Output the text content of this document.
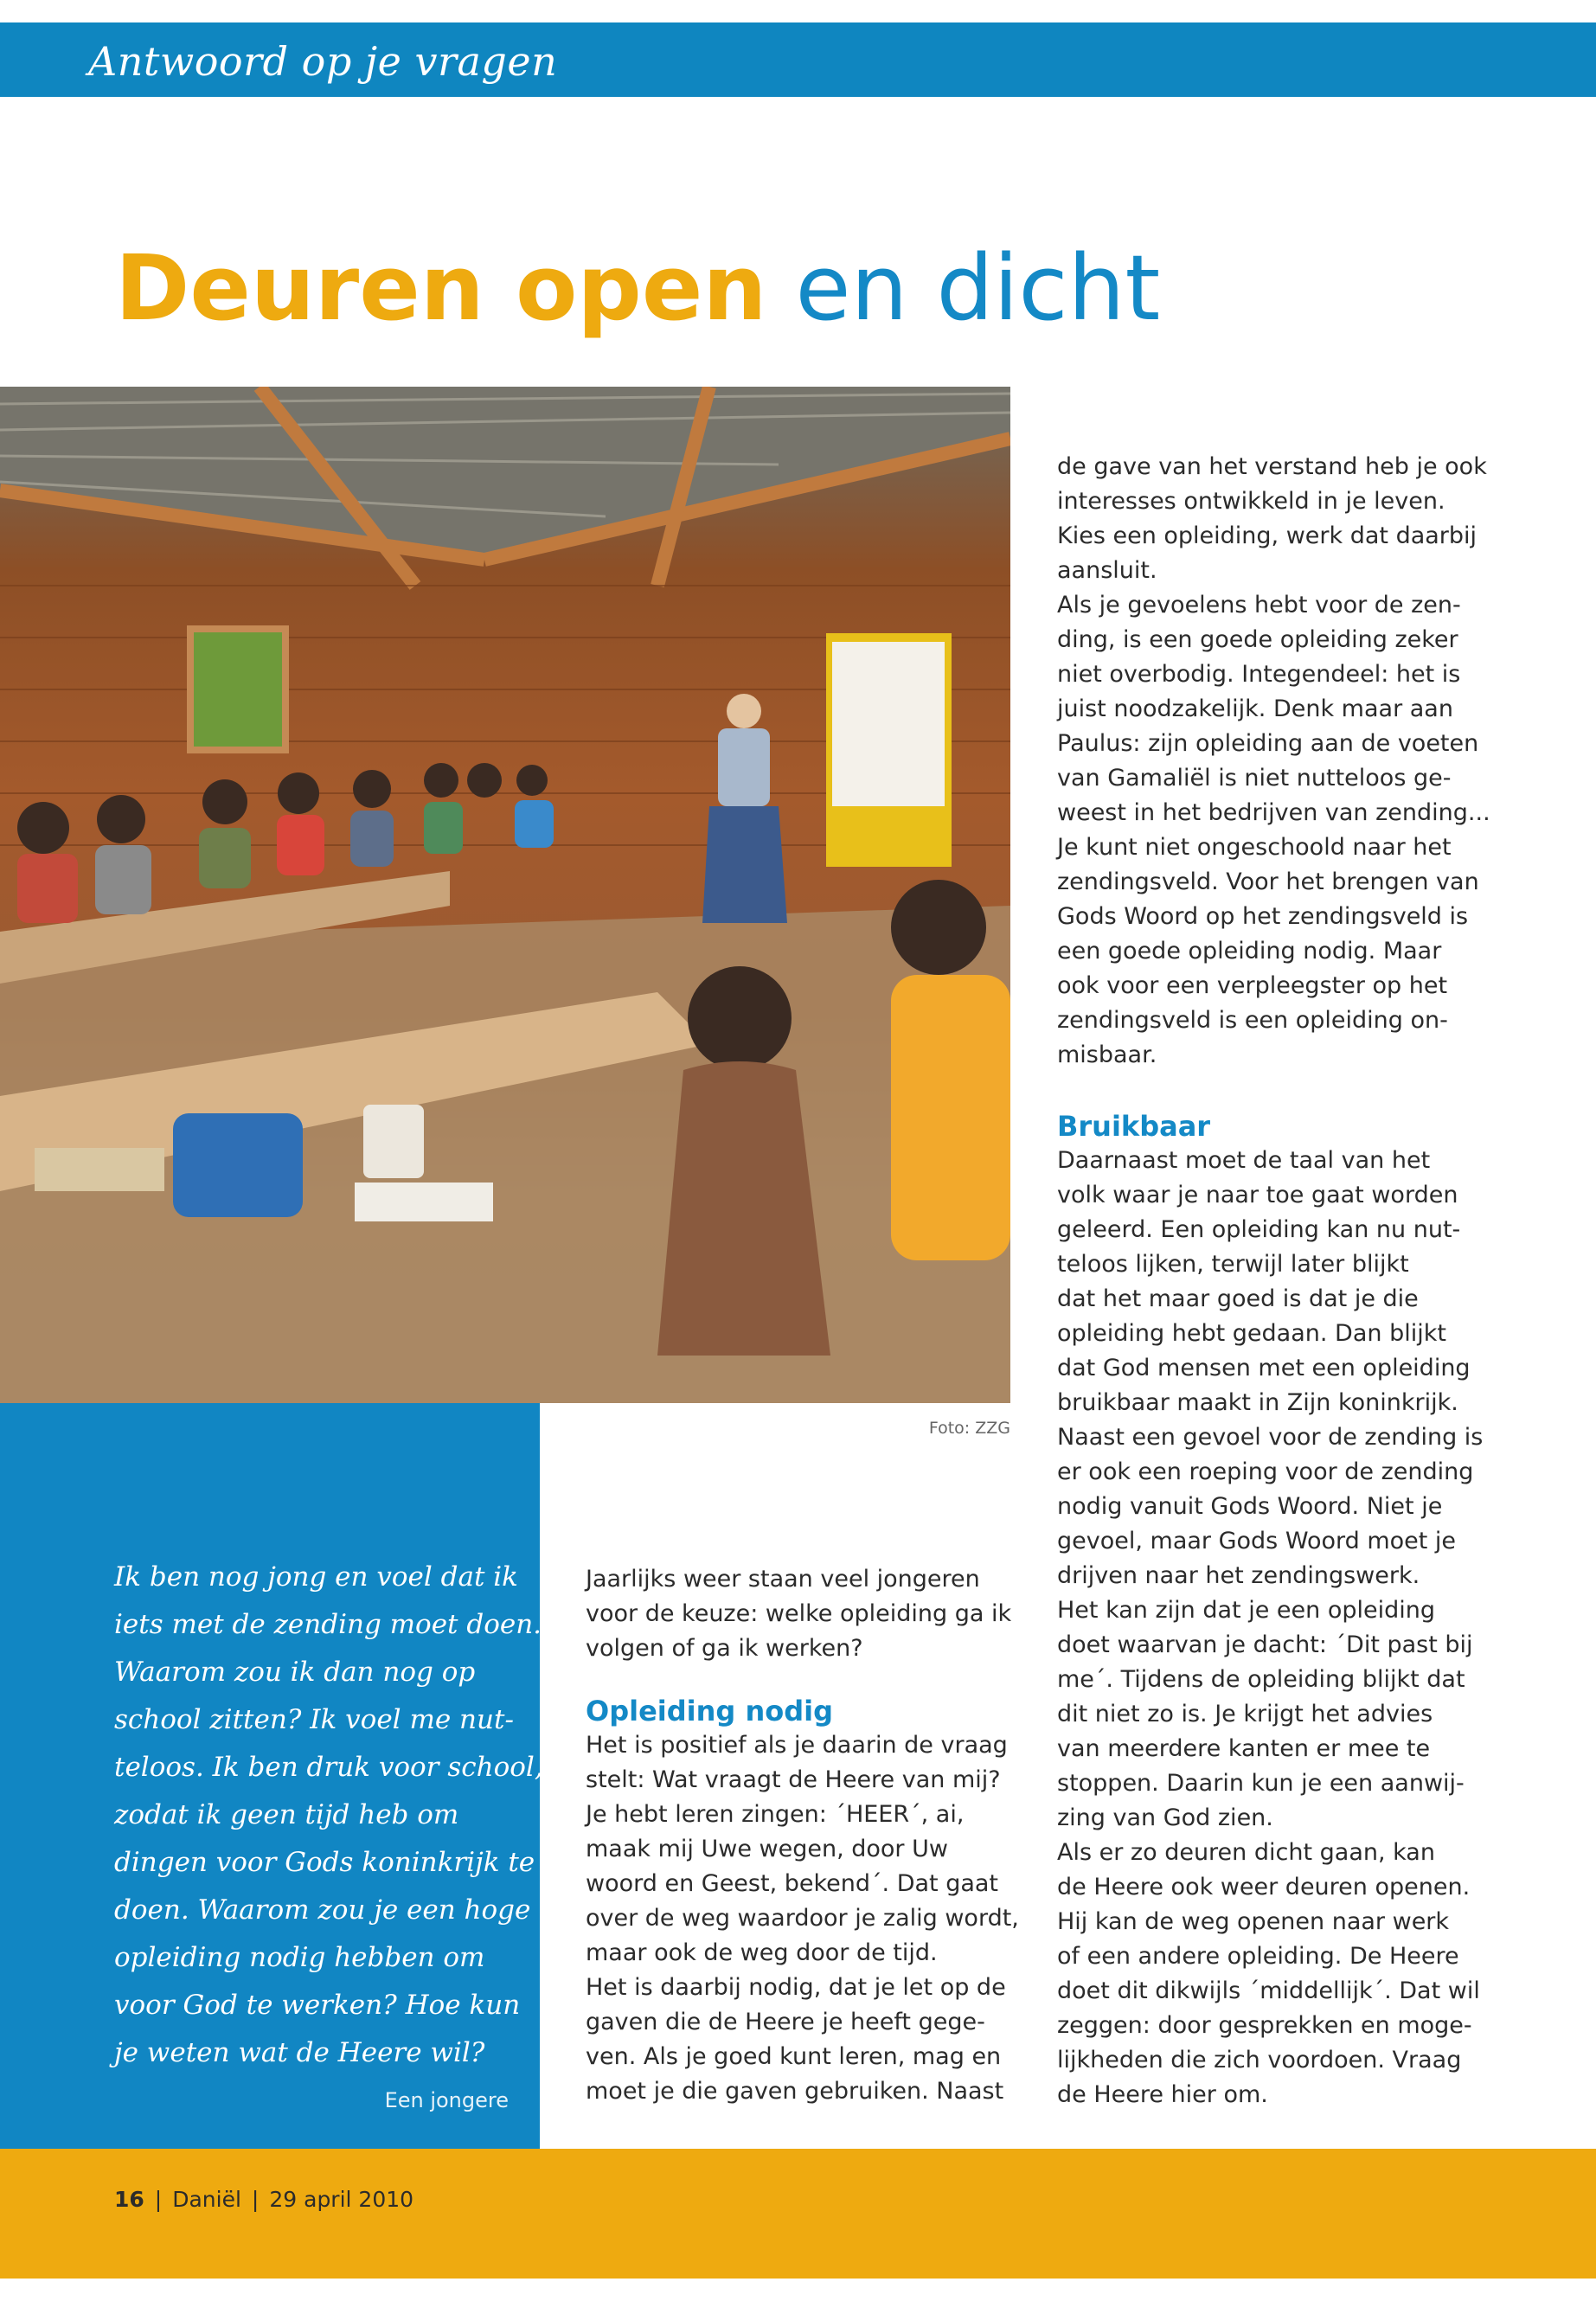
Antwoord op je vragen
Deuren open en dicht
Foto: ZZG
Ik ben nog jong en voel dat ik
iets met de zending moet doen.
Waarom zou ik dan nog op
school zitten? Ik voel me nut-
teloos. Ik ben druk voor school,
zodat ik geen tijd heb om
dingen voor Gods koninkrijk te
doen. Waarom zou je een hoge
opleiding nodig hebben om
voor God te werken? Hoe kun
je weten wat de Heere wil?
Een jongere
Jaarlijks weer staan veel jongeren
voor de keuze: welke opleiding ga ik
volgen of ga ik werken?
Opleiding nodig
Het is positief als je daarin de vraag
stelt: Wat vraagt de Heere van mij?
Je hebt leren zingen: ´HEER´, ai,
maak mij Uwe wegen, door Uw
woord en Geest, bekend´. Dat gaat
over de weg waardoor je zalig wordt,
maar ook de weg door de tijd.
Het is daarbij nodig, dat je let op de
gaven die de Heere je heeft gege-
ven. Als je goed kunt leren, mag en
moet je die gaven gebruiken. Naast
de gave van het verstand heb je ook
interesses ontwikkeld in je leven.
Kies een opleiding, werk dat daarbij
aansluit.
Als je gevoelens hebt voor de zen-
ding, is een goede opleiding zeker
niet overbodig. Integendeel: het is
juist noodzakelijk. Denk maar aan
Paulus: zijn opleiding aan de voeten
van Gamaliël is niet nutteloos ge-
weest in het bedrijven van zending...
Je kunt niet ongeschoold naar het
zendingsveld. Voor het brengen van
Gods Woord op het zendingsveld is
een goede opleiding nodig. Maar
ook voor een verpleegster op het
zendingsveld is een opleiding on-
misbaar.
Bruikbaar
Daarnaast moet de taal van het
volk waar je naar toe gaat worden
geleerd. Een opleiding kan nu nut-
teloos lijken, terwijl later blijkt
dat het maar goed is dat je die
opleiding hebt gedaan. Dan blijkt
dat God mensen met een opleiding
bruikbaar maakt in Zijn koninkrijk.
Naast een gevoel voor de zending is
er ook een roeping voor de zending
nodig vanuit Gods Woord. Niet je
gevoel, maar Gods Woord moet je
drijven naar het zendingswerk.
Het kan zijn dat je een opleiding
doet waarvan je dacht: ´Dit past bij
me´. Tijdens de opleiding blijkt dat
dit niet zo is. Je krijgt het advies
van meerdere kanten er mee te
stoppen. Daarin kun je een aanwij-
zing van God zien.
Als er zo deuren dicht gaan, kan
de Heere ook weer deuren openen.
Hij kan de weg openen naar werk
of een andere opleiding. De Heere
doet dit dikwijls ´middellijk´. Dat wil
zeggen: door gesprekken en moge-
lijkheden die zich voordoen. Vraag
de Heere hier om.
16 | Daniël | 29 april 2010
